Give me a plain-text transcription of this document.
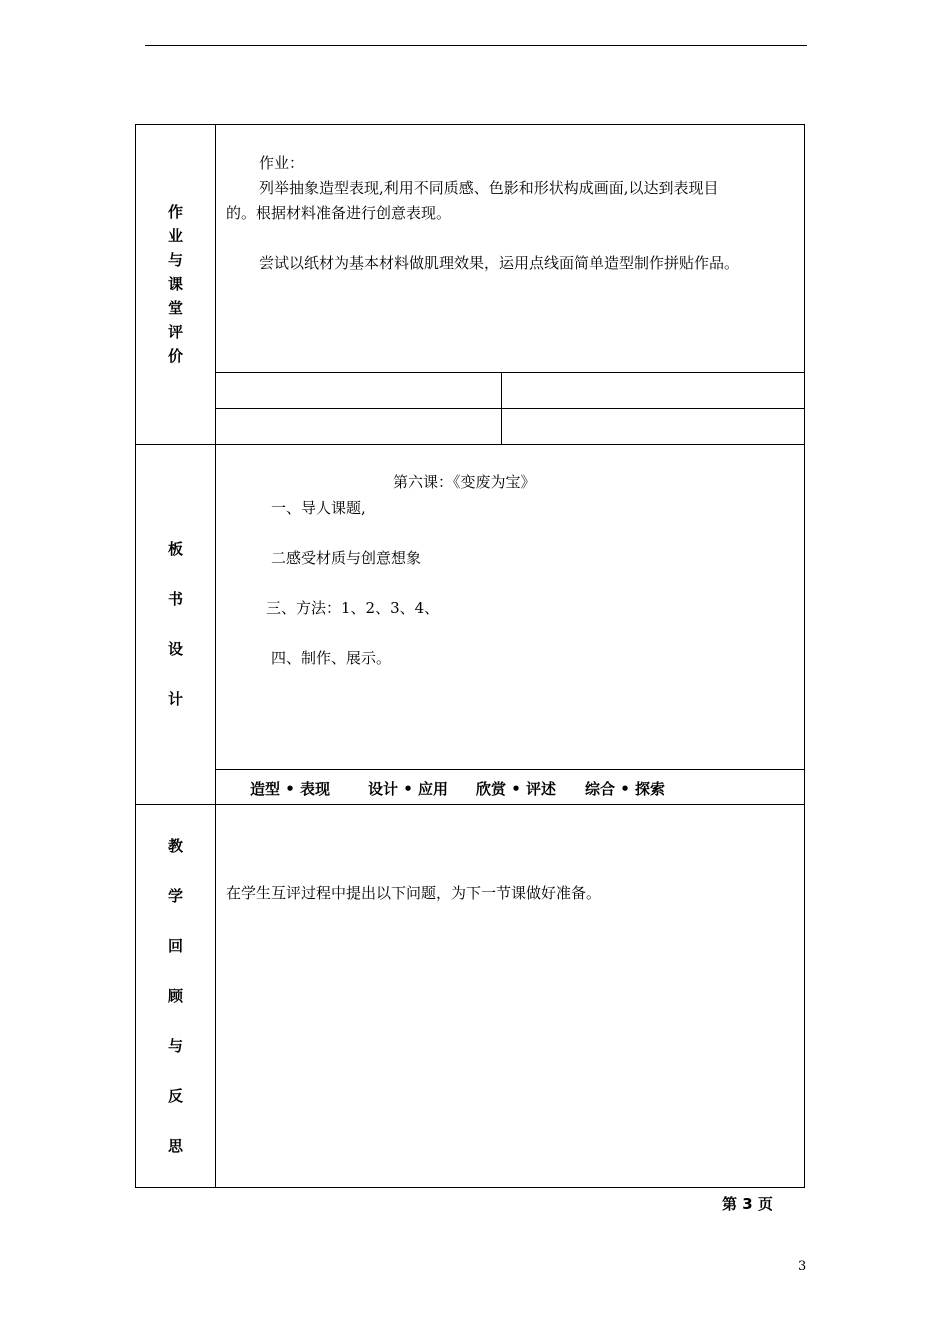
作
业
与
课
堂
评
价
作业：
列举抽象造型表现,利用不同质感、色影和形状构成画面,以达到表现目
的。根据材料准备进行创意表现。
尝试以纸材为基本材料做肌理效果，运用点线面简单造型制作拼贴作品。
板
书
设
计
第六课：《变废为宝》
一、导人课题,
二感受材质与创意想象
三、方法：1、2、3、4、
四、制作、展示。
造型 • 表现	设计 • 应用 欣赏 • 评述 综合 • 探索
教
学
回
顾
与
反
思
在学生互评过程中提出以下问题，为下一节课做好准备。
第 3 页
3
